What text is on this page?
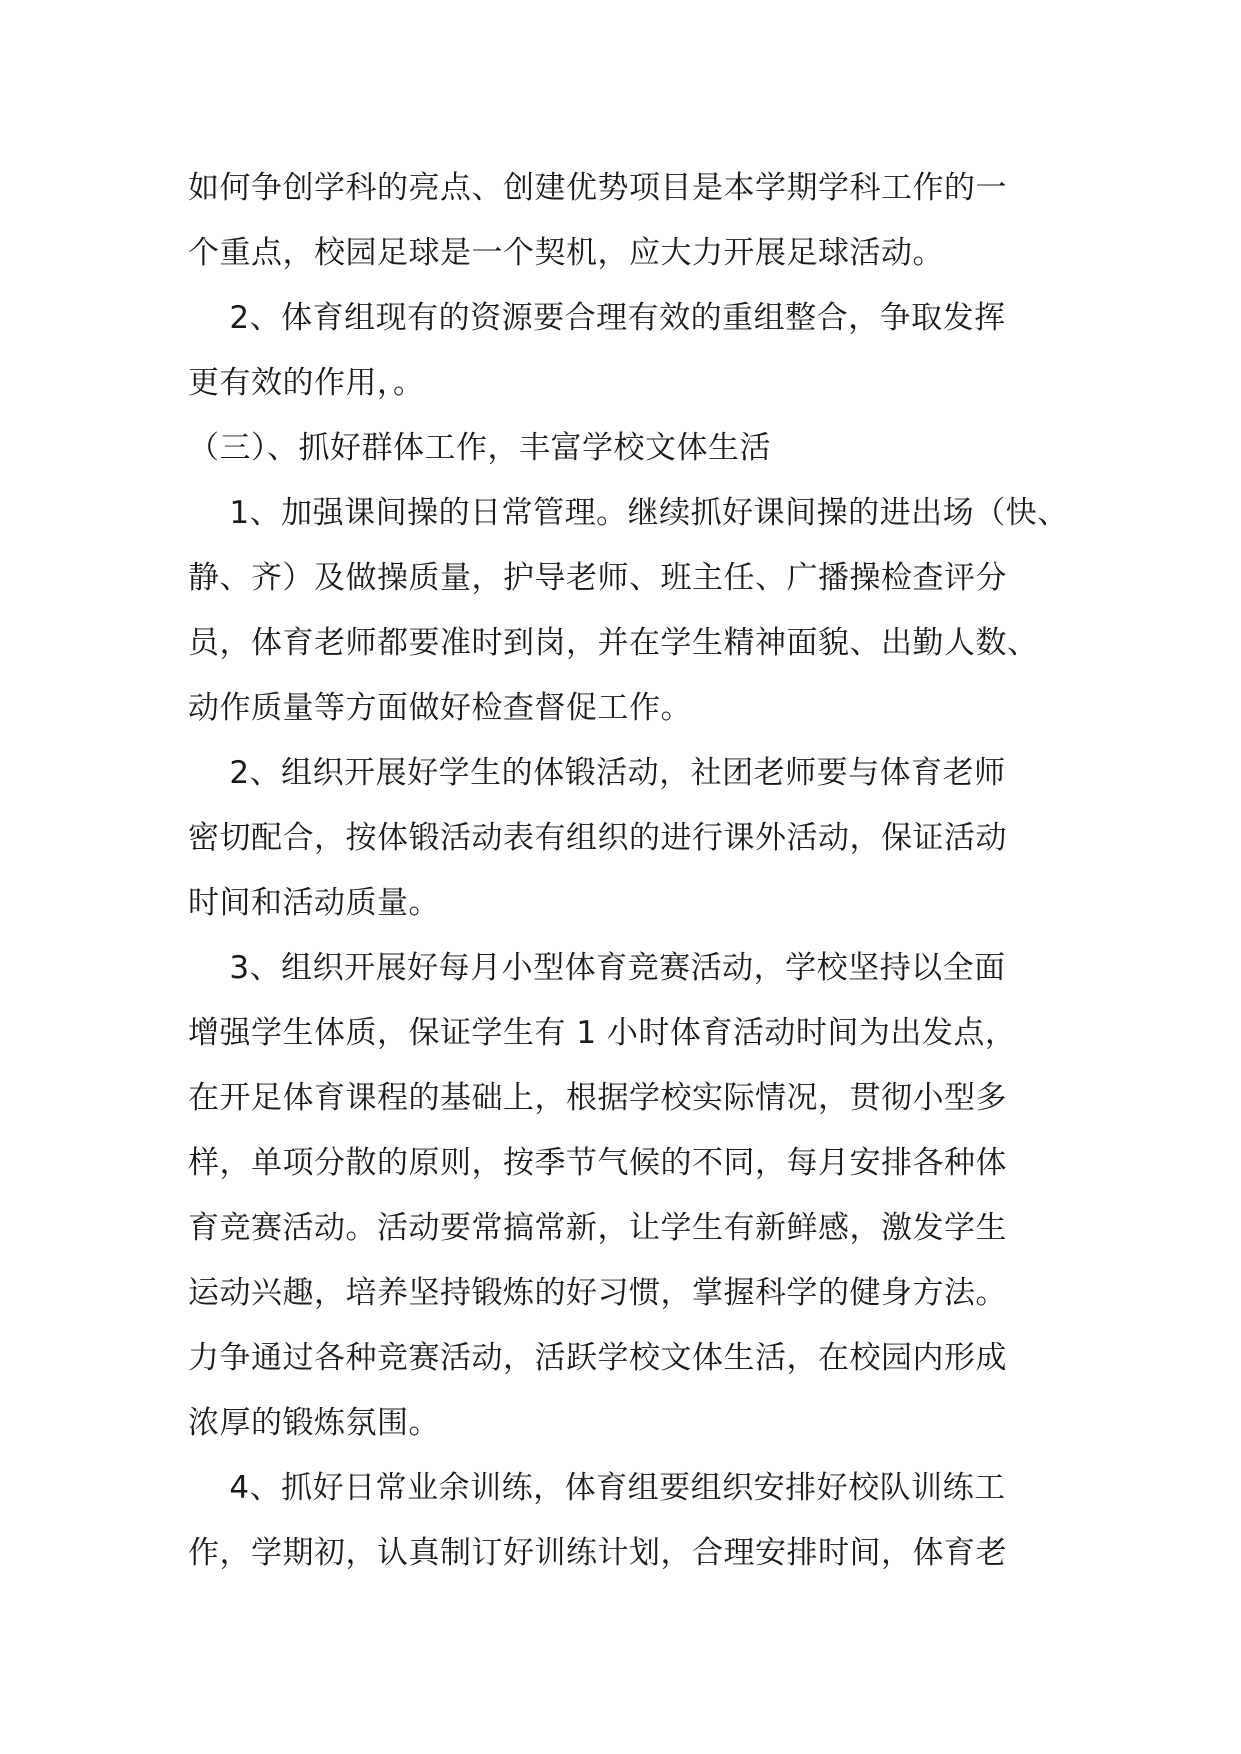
如何争创学科的亮点、创建优势项目是本学期学科工作的一
个重点，校园足球是一个契机，应大力开展足球活动。
2、体育组现有的资源要合理有效的重组整合，争取发挥
更有效的作用，。
（三）、抓好群体工作，丰富学校文体生活
1、加强课间操的日常管理。继续抓好课间操的进出场（快、
静、齐）及做操质量，护导老师、班主任、广播操检查评分
员，体育老师都要准时到岗，并在学生精神面貌、出勤人数、
动作质量等方面做好检查督促工作。
2、组织开展好学生的体锻活动，社团老师要与体育老师
密切配合，按体锻活动表有组织的进行课外活动，保证活动
时间和活动质量。
3、组织开展好每月小型体育竞赛活动，学校坚持以全面
增强学生体质，保证学生有 1 小时体育活动时间为出发点，
在开足体育课程的基础上，根据学校实际情况，贯彻小型多
样，单项分散的原则，按季节气候的不同，每月安排各种体
育竞赛活动。活动要常搞常新，让学生有新鲜感，激发学生
运动兴趣，培养坚持锻炼的好习惯，掌握科学的健身方法。
力争通过各种竞赛活动，活跃学校文体生活，在校园内形成
浓厚的锻炼氛围。
4、抓好日常业余训练，体育组要组织安排好校队训练工
作，学期初，认真制订好训练计划，合理安排时间，体育老
